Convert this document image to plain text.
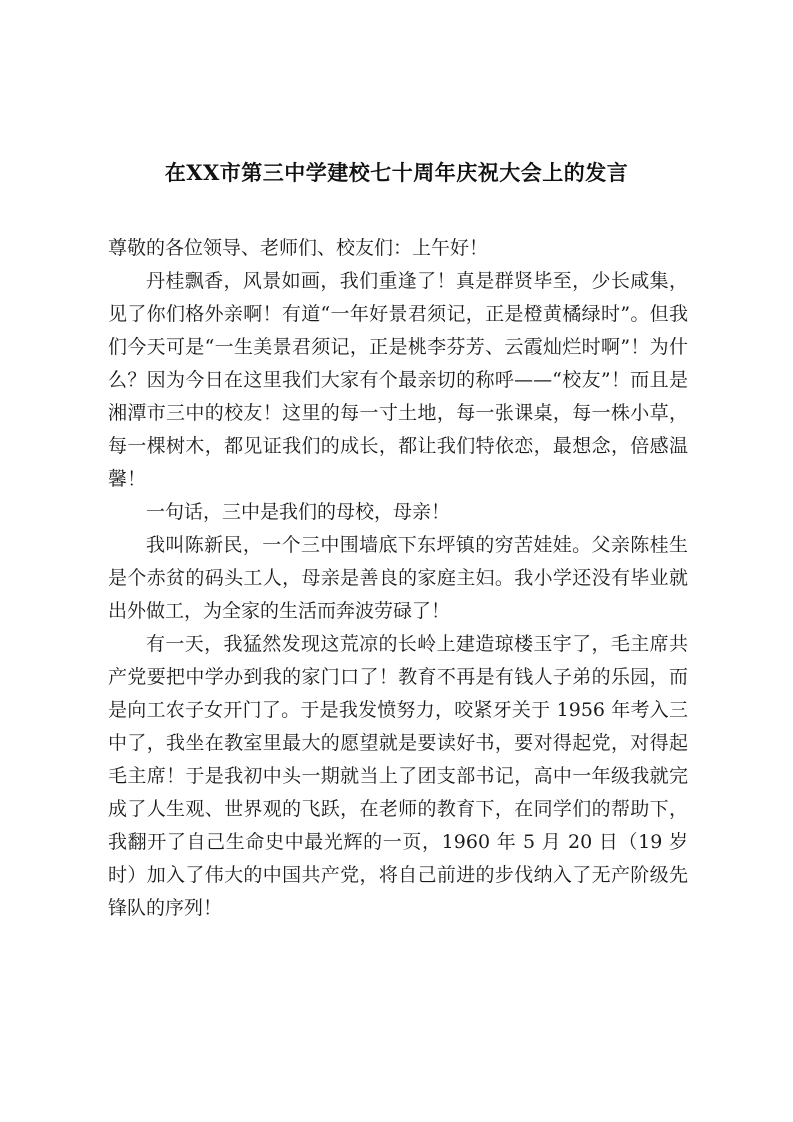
在XX市第三中学建校七十周年庆祝大会上的发言

尊敬的各位领导、老师们、校友们：上午好！

丹桂飘香，风景如画，我们重逢了！真是群贤毕至，少长咸集，见了你们格外亲啊！有道“一年好景君须记，正是橙黄橘绿时”。但我们今天可是“一生美景君须记，正是桃李芬芳、云霞灿烂时啊”！为什么？因为今日在这里我们大家有个最亲切的称呼——“校友”！而且是湘潭市三中的校友！这里的每一寸土地，每一张课桌，每一株小草，每一棵树木，都见证我们的成长，都让我们特依恋，最想念，倍感温馨！

一句话，三中是我们的母校，母亲！

我叫陈新民，一个三中围墙底下东坪镇的穷苦娃娃。父亲陈桂生是个赤贫的码头工人，母亲是善良的家庭主妇。我小学还没有毕业就出外做工，为全家的生活而奔波劳碌了！

有一天，我猛然发现这荒凉的长岭上建造琼楼玉宇了，毛主席共产党要把中学办到我的家门口了！教育不再是有钱人子弟的乐园，而是向工农子女开门了。于是我发愤努力，咬紧牙关于 1956 年考入三中了，我坐在教室里最大的愿望就是要读好书，要对得起党，对得起毛主席！于是我初中头一期就当上了团支部书记，高中一年级我就完成了人生观、世界观的飞跃，在老师的教育下，在同学们的帮助下，我翻开了自己生命史中最光辉的一页，1960 年 5 月 20 日（19 岁时）加入了伟大的中国共产党，将自己前进的步伐纳入了无产阶级先锋队的序列！
